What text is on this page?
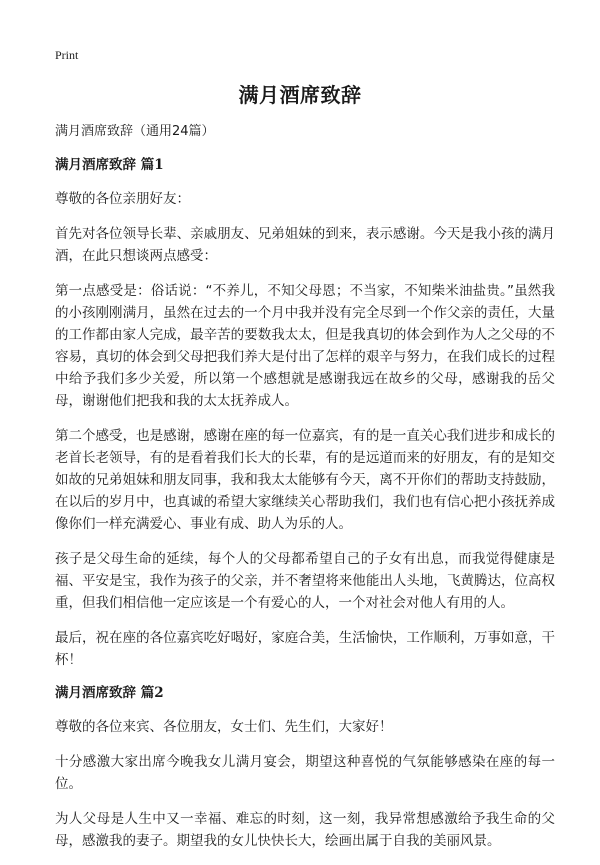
Print
满月酒席致辞

满月酒席致辞（通用24篇）

满月酒席致辞 篇1

尊敬的各位亲朋好友：

首先对各位领导长辈、亲戚朋友、兄弟姐妹的到来，表示感谢。今天是我小孩的满月酒，在此只想谈两点感受：

第一点感受是：俗话说：“不养儿，不知父母恩；不当家，不知柴米油盐贵。”虽然我的小孩刚刚满月，虽然在过去的一个月中我并没有完全尽到一个作父亲的责任，大量的工作都由家人完成，最辛苦的要数我太太，但是我真切的体会到作为人之父母的不容易，真切的体会到父母把我们养大是付出了怎样的艰辛与努力，在我们成长的过程中给予我们多少关爱，所以第一个感想就是感谢我远在故乡的父母，感谢我的岳父母，谢谢他们把我和我的太太抚养成人。

第二个感受，也是感谢，感谢在座的每一位嘉宾，有的是一直关心我们进步和成长的老首长老领导，有的是看着我们长大的长辈，有的是远道而来的好朋友，有的是知交如故的兄弟姐妹和朋友同事，我和我太太能够有今天，离不开你们的帮助支持鼓励，在以后的岁月中，也真诚的希望大家继续关心帮助我们，我们也有信心把小孩抚养成像你们一样充满爱心、事业有成、助人为乐的人。

孩子是父母生命的延续，每个人的父母都希望自己的子女有出息，而我觉得健康是福、平安是宝，我作为孩子的父亲，并不奢望将来他能出人头地，飞黄腾达，位高权重，但我们相信他一定应该是一个有爱心的人，一个对社会对他人有用的人。

最后，祝在座的各位嘉宾吃好喝好，家庭合美，生活愉快，工作顺利，万事如意，干杯！

满月酒席致辞 篇2

尊敬的各位来宾、各位朋友，女士们、先生们，大家好！

十分感激大家出席今晚我女儿满月宴会，期望这种喜悦的气氛能够感染在座的每一位。

为人父母是人生中又一幸福、难忘的时刻，这一刻，我异常想感激给予我生命的父母，感激我的妻子。期望我的女儿快快长大，绘画出属于自我的美丽风景。
